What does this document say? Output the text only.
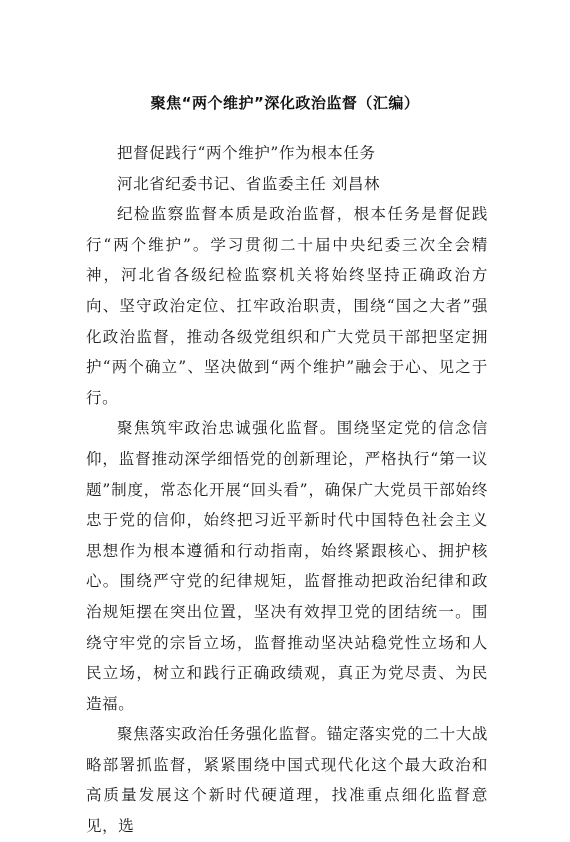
聚焦“两个维护”深化政治监督（汇编）

把督促践行“两个维护”作为根本任务

河北省纪委书记、省监委主任 刘昌林

纪检监察监督本质是政治监督，根本任务是督促践行“两个维护”。学习贯彻二十届中央纪委三次全会精神，河北省各级纪检监察机关将始终坚持正确政治方向、坚守政治定位、扛牢政治职责，围绕“国之大者”强化政治监督，推动各级党组织和广大党员干部把坚定拥护“两个确立”、坚决做到“两个维护”融会于心、见之于行。

聚焦筑牢政治忠诚强化监督。围绕坚定党的信念信仰，监督推动深学细悟党的创新理论，严格执行“第一议题”制度，常态化开展“回头看”，确保广大党员干部始终忠于党的信仰，始终把习近平新时代中国特色社会主义思想作为根本遵循和行动指南，始终紧跟核心、拥护核心。围绕严守党的纪律规矩，监督推动把政治纪律和政治规矩摆在突出位置，坚决有效捍卫党的团结统一。围绕守牢党的宗旨立场，监督推动坚决站稳党性立场和人民立场，树立和践行正确政绩观，真正为党尽责、为民造福。

聚焦落实政治任务强化监督。锚定落实党的二十大战略部署抓监督，紧紧围绕中国式现代化这个最大政治和高质量发展这个新时代硬道理，找准重点细化监督意见，选
